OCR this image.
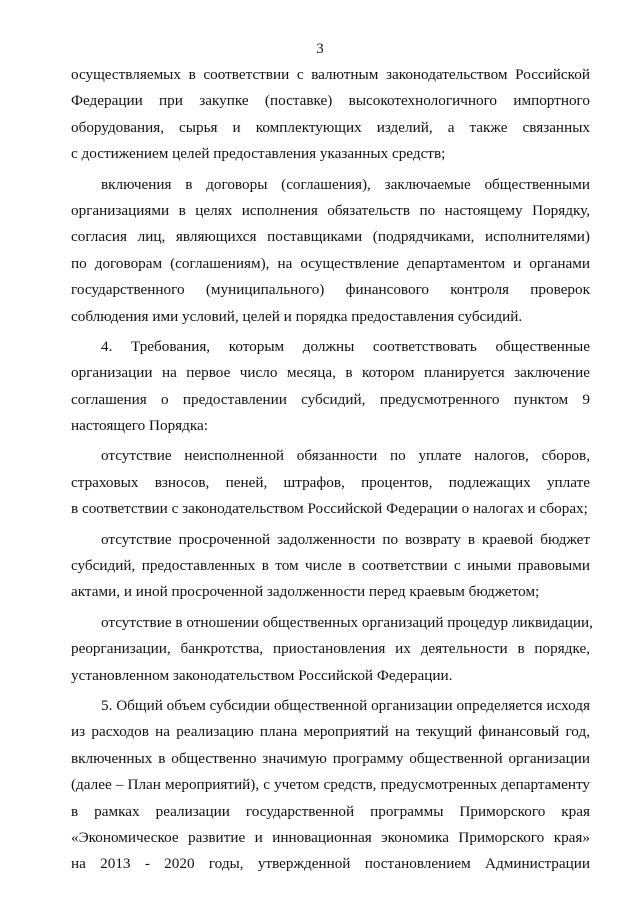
3

осуществляемых в соответствии с валютным законодательством Российской
Федерации при закупке (поставке) высокотехнологичного импортного
оборудования, сырья и комплектующих изделий, а также связанных
с достижением целей предоставления указанных средств;

включения в договоры (соглашения), заключаемые общественными
организациями в целях исполнения обязательств по настоящему Порядку,
согласия лиц, являющихся поставщиками (подрядчиками, исполнителями)
по договорам (соглашениям), на осуществление департаментом и органами
государственного (муниципального) финансового контроля проверок
соблюдения ими условий, целей и порядка предоставления субсидий.

4. Требования, которым должны соответствовать общественные
организации на первое число месяца, в котором планируется заключение
соглашения о предоставлении субсидий, предусмотренного пунктом 9
настоящего Порядка:

отсутствие неисполненной обязанности по уплате налогов, сборов,
страховых взносов, пеней, штрафов, процентов, подлежащих уплате
в соответствии с законодательством Российской Федерации о налогах и сборах;

отсутствие просроченной задолженности по возврату в краевой бюджет
субсидий, предоставленных в том числе в соответствии с иными правовыми
актами, и иной просроченной задолженности перед краевым бюджетом;

отсутствие в отношении общественных организаций процедур ликвидации,
реорганизации, банкротства, приостановления их деятельности в порядке,
установленном законодательством Российской Федерации.

5. Общий объем субсидии общественной организации определяется исходя
из расходов на реализацию плана мероприятий на текущий финансовый год,
включенных в общественно значимую программу общественной организации
(далее – План мероприятий), с учетом средств, предусмотренных департаменту
в рамках реализации государственной программы Приморского края
«Экономическое развитие и инновационная экономика Приморского края»
на 2013 - 2020 годы, утвержденной постановлением Администрации
